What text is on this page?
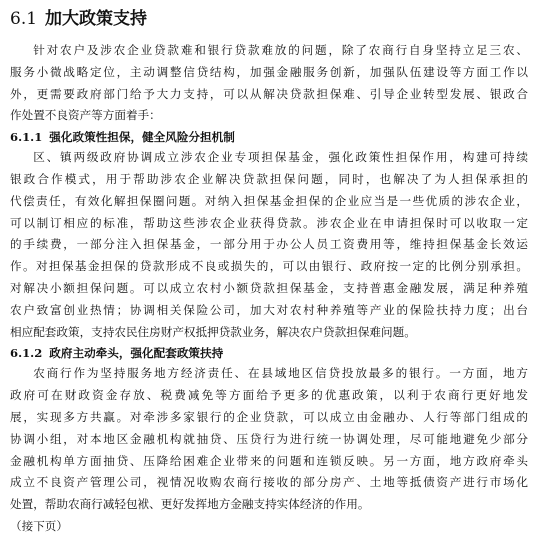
6.1 加大政策支持
针对农户及涉农企业贷款难和银行贷款难放的问题，除了农商行自身坚持立足三农、
服务小微战略定位，主动调整信贷结构，加强金融服务创新，加强队伍建设等方面工作以
外，更需要政府部门给予大力支持，可以从解决贷款担保难、引导企业转型发展、银政合
作处置不良资产等方面着手：
6.1.1 强化政策性担保，健全风险分担机制
区、镇两级政府协调成立涉农企业专项担保基金，强化政策性担保作用，构建可持续
银政合作模式，用于帮助涉农企业解决贷款担保问题，同时，也解决了为人担保承担的
代偿责任，有效化解担保圈问题。对纳入担保基金担保的企业应当是一些优质的涉农企业，
可以制订相应的标准，帮助这些涉农企业获得贷款。涉农企业在申请担保时可以收取一定
的手续费，一部分注入担保基金，一部分用于办公人员工资费用等，维持担保基金长效运
作。对担保基金担保的贷款形成不良或损失的，可以由银行、政府按一定的比例分别承担。
对解决小额担保问题。可以成立农村小额贷款担保基金，支持普惠金融发展，满足种养殖
农户致富创业热情；协调相关保险公司，加大对农村种养殖等产业的保险扶持力度；出台
相应配套政策，支持农民住房财产权抵押贷款业务，解决农户贷款担保难问题。
6.1.2 政府主动牵头，强化配套政策扶持
农商行作为坚持服务地方经济责任、在县域地区信贷投放最多的银行。一方面，地方
政府可在财政资金存放、税费减免等方面给予更多的优惠政策，以利于农商行更好地发
展，实现多方共赢。对牵涉多家银行的企业贷款，可以成立由金融办、人行等部门组成的
协调小组，对本地区金融机构就抽贷、压贷行为进行统一协调处理，尽可能地避免少部分
金融机构单方面抽贷、压降给困难企业带来的问题和连锁反映。另一方面，地方政府牵头
成立不良资产管理公司，视情况收购农商行接收的部分房产、土地等抵债资产进行市场化
处置，帮助农商行减轻包袱、更好发挥地方金融支持实体经济的作用。
（接下页）
